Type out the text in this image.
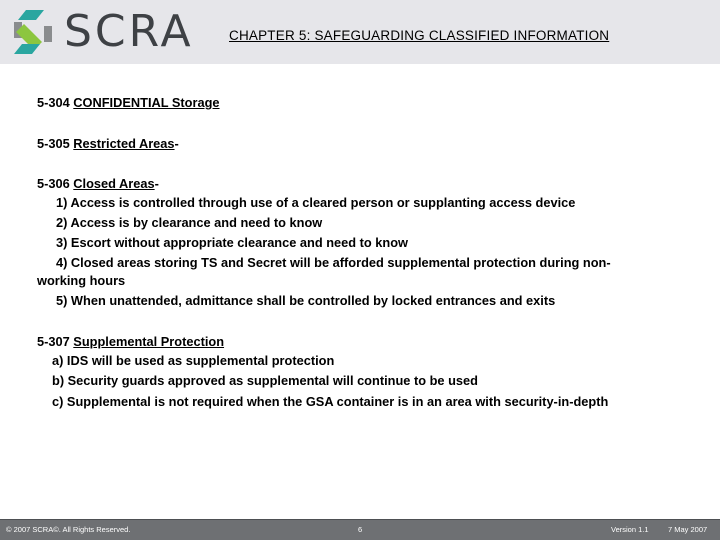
SCRA	CHAPTER 5: SAFEGUARDING CLASSIFIED INFORMATION
5-304 CONFIDENTIAL Storage
5-305 Restricted Areas-
5-306 Closed Areas-
1) Access is controlled through use of a cleared person or supplanting access device
2) Access is by clearance and need to know
3) Escort without appropriate clearance and need to know
4) Closed areas storing TS and Secret will be afforded supplemental protection during non-
working hours
5) When unattended, admittance shall be controlled by locked entrances and exits
5-307 Supplemental Protection
a) IDS will be used as supplemental protection
b) Security guards approved as supplemental will continue to be used
c) Supplemental is not required when the GSA container is in an area with security-in-depth
© 2007 SCRA©. All Rights Reserved.	6	Version 1.1	7 May 2007
